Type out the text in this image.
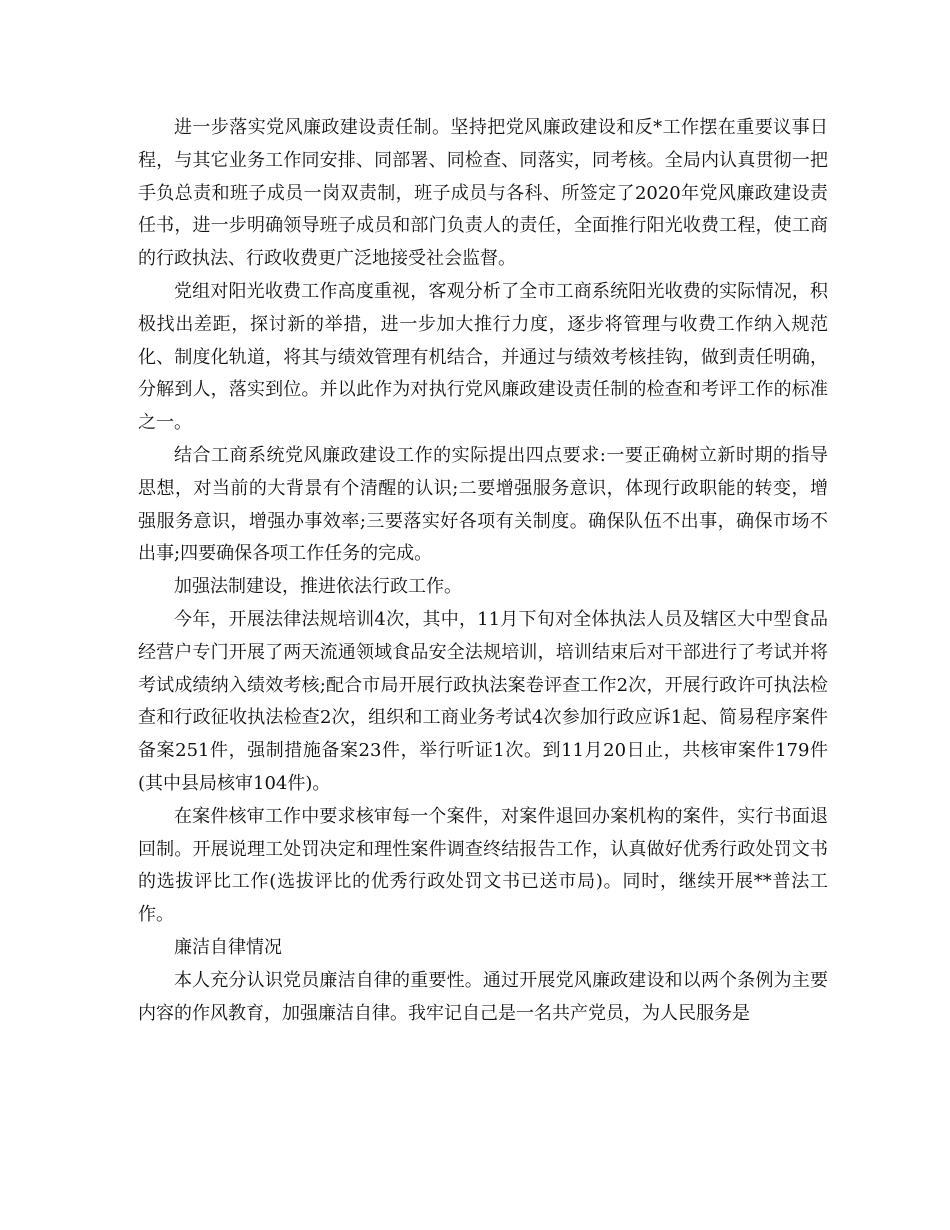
进一步落实党风廉政建设责任制。坚持把党风廉政建设和反*工作摆在重要议事日程，与其它业务工作同安排、同部署、同检查、同落实，同考核。全局内认真贯彻一把手负总责和班子成员一岗双责制，班子成员与各科、所签定了2020年党风廉政建设责任书，进一步明确领导班子成员和部门负责人的责任，全面推行阳光收费工程，使工商的行政执法、行政收费更广泛地接受社会监督。

党组对阳光收费工作高度重视，客观分析了全市工商系统阳光收费的实际情况，积极找出差距，探讨新的举措，进一步加大推行力度，逐步将管理与收费工作纳入规范化、制度化轨道，将其与绩效管理有机结合，并通过与绩效考核挂钩，做到责任明确，分解到人，落实到位。并以此作为对执行党风廉政建设责任制的检查和考评工作的标准之一。

结合工商系统党风廉政建设工作的实际提出四点要求:一要正确树立新时期的指导思想，对当前的大背景有个清醒的认识;二要增强服务意识，体现行政职能的转变，增强服务意识，增强办事效率;三要落实好各项有关制度。确保队伍不出事，确保市场不出事;四要确保各项工作任务的完成。

加强法制建设，推进依法行政工作。

今年，开展法律法规培训4次，其中，11月下旬对全体执法人员及辖区大中型食品经营户专门开展了两天流通领域食品安全法规培训，培训结束后对干部进行了考试并将考试成绩纳入绩效考核;配合市局开展行政执法案卷评查工作2次，开展行政许可执法检查和行政征收执法检查2次，组织和工商业务考试4次参加行政应诉1起、简易程序案件备案251件，强制措施备案23件，举行听证1次。到11月20日止，共核审案件179件(其中县局核审104件)。

在案件核审工作中要求核审每一个案件，对案件退回办案机构的案件，实行书面退回制。开展说理工处罚决定和理性案件调查终结报告工作，认真做好优秀行政处罚文书的选拔评比工作(选拔评比的优秀行政处罚文书已送市局)。同时，继续开展**普法工作。

廉洁自律情况

本人充分认识党员廉洁自律的重要性。通过开展党风廉政建设和以两个条例为主要内容的作风教育，加强廉洁自律。我牢记自己是一名共产党员，为人民服务是
